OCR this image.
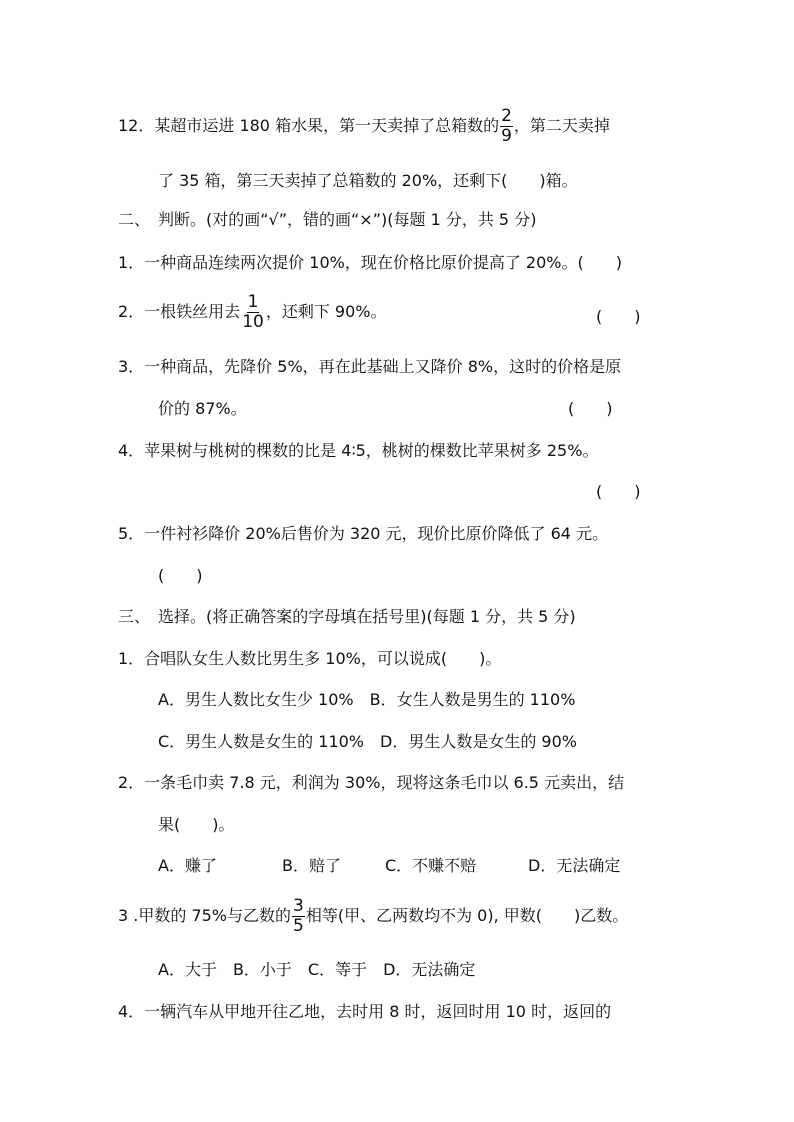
12．某超市运进 180 箱水果，第一天卖掉了总箱数的 $\frac{2}{9}$ ，第二天卖掉
了 35 箱，第三天卖掉了总箱数的 20%，还剩下(　　)箱。
二、　判断。(对的画“√”，错的画“×”)(每题 1 分，共 5 分)
1．一种商品连续两次提价 10%，现在价格比原价提高了 20%。(　　)
2．一根铁丝用去 $\frac{1}{10}$ ，还剩下 90%。	(　　)
3．一种商品，先降价 5%，再在此基础上又降价 8%，这时的价格是原
价的 87%。	(　　)
4．苹果树与桃树的棵数的比是 4∶5，桃树的棵数比苹果树多 25%。
(　　)
5．一件衬衫降价 20%后售价为 320 元，现价比原价降低了 64 元。
(　　)
三、　选择。(将正确答案的字母填在括号里)(每题 1 分，共 5 分)
1．合唱队女生人数比男生多 10%，可以说成(　　)。
A．男生人数比女生少 10%　B．女生人数是男生的 110%
C．男生人数是女生的 110%　D．男生人数是女生的 90%
2．一条毛巾卖 7.8 元，利润为 30%，现将这条毛巾以 6.5 元卖出，结
果(　　)。
A．赚了	B．赔了	C．不赚不赔	D．无法确定
3 .甲数的 75%与乙数的 $\frac{3}{5}$ 相等(甲、乙两数均不为 0), 甲数(　　)乙数。
A．大于　B．小于　C．等于　D．无法确定
4．一辆汽车从甲地开往乙地，去时用 8 时，返回时用 10 时，返回的
